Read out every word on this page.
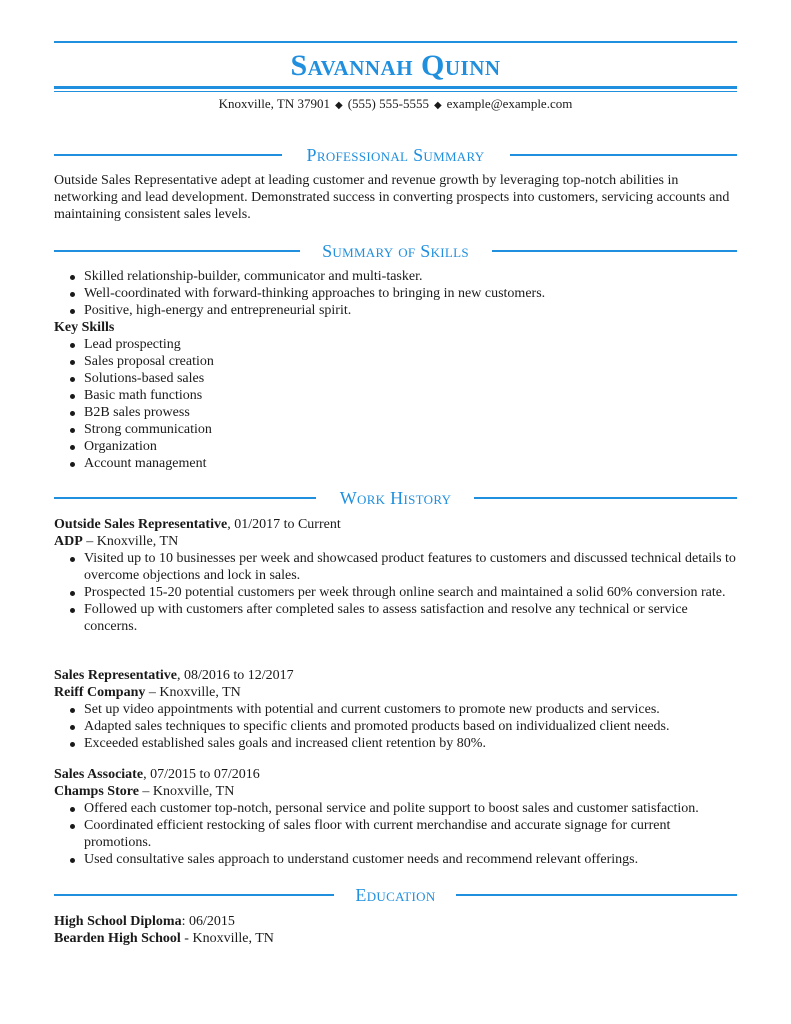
Savannah Quinn
Knoxville, TN 37901 ◆ (555) 555-5555 ◆ example@example.com
Professional Summary

Outside Sales Representative adept at leading customer and revenue growth by leveraging top-notch abilities in networking and lead development. Demonstrated success in converting prospects into customers, servicing accounts and maintaining consistent sales levels.

Summary of Skills
Skilled relationship-builder, communicator and multi-tasker.
Well-coordinated with forward-thinking approaches to bringing in new customers.
Positive, high-energy and entrepreneurial spirit.

Key Skills

Lead prospecting
Sales proposal creation
Solutions-based sales
Basic math functions
B2B sales prowess
Strong communication
Organization
Account management
Work History

Outside Sales Representative, 01/2017 to Current

ADP – Knoxville, TN

Visited up to 10 businesses per week and showcased product features to customers and discussed technical details to overcome objections and lock in sales.
Prospected 15-20 potential customers per week through online search and maintained a solid 60% conversion rate.
Followed up with customers after completed sales to assess satisfaction and resolve any technical or service concerns.

Sales Representative, 08/2016 to 12/2017

Reiff Company – Knoxville, TN

Set up video appointments with potential and current customers to promote new products and services.
Adapted sales techniques to specific clients and promoted products based on individualized client needs.
Exceeded established sales goals and increased client retention by 80%.

Sales Associate, 07/2015 to 07/2016

Champs Store – Knoxville, TN

Offered each customer top-notch, personal service and polite support to boost sales and customer satisfaction.
Coordinated efficient restocking of sales floor with current merchandise and accurate signage for current promotions.
Used consultative sales approach to understand customer needs and recommend relevant offerings.
Education

High School Diploma: 06/2015

Bearden High School - Knoxville, TN
